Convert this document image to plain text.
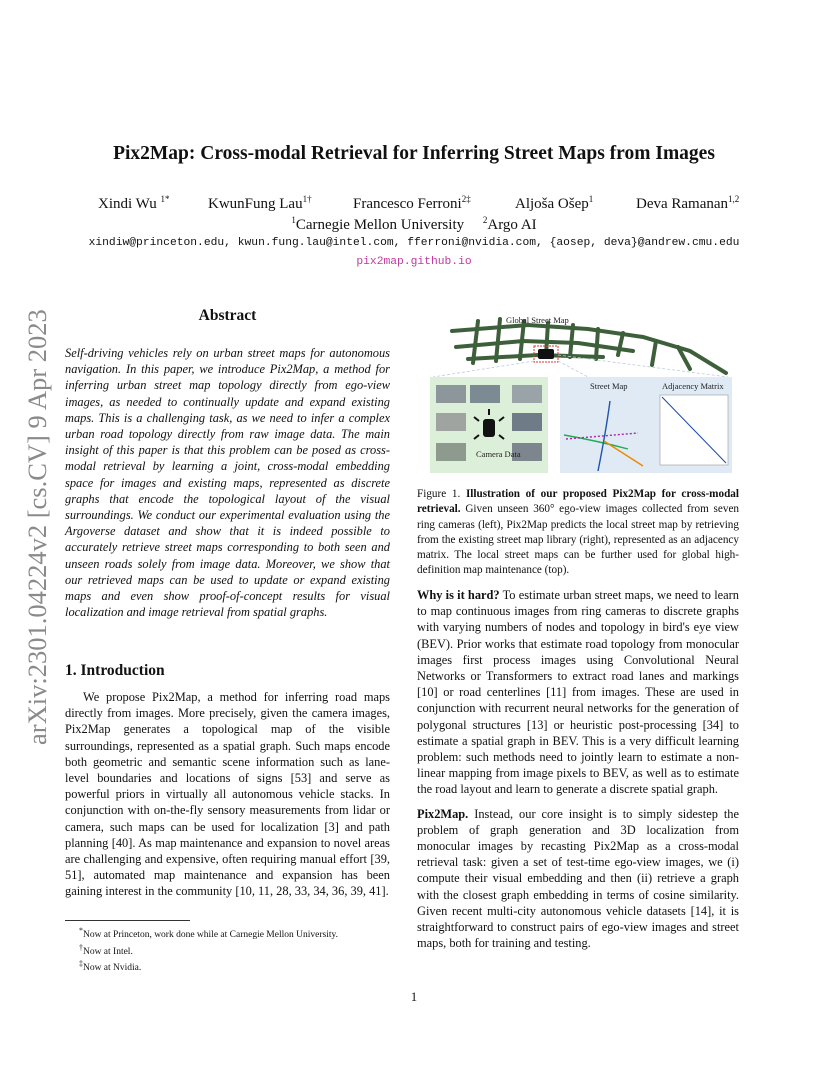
Pix2Map: Cross-modal Retrieval for Inferring Street Maps from Images
Xindi Wu $^{1*}$	KwunFung Lau$^{1\dagger}$	Francesco Ferroni$^{2\ddagger}$	Aljoša Ošep$^1$	Deva Ramanan$^{1,2}$
$^1$Carnegie Mellon University $^2$Argo AI
xindiw@princeton.edu, kwun.fung.lau@intel.com, fferroni@nvidia.com, {aosep, deva}@andrew.cmu.edu
pix2map.github.io
arXiv:2301.04224v2 [cs.CV] 9 Apr 2023	Abstract
Self-driving vehicles rely on urban street maps for autonomous navigation. In this paper, we introduce Pix2Map, a method for inferring urban street map topology directly from ego-view images, as needed to continually update and expand existing maps. This is a challenging task, as we need to infer a complex urban road topology directly from raw image data. The main insight of this paper is that this problem can be posed as cross-modal retrieval by learning a joint, cross-modal embedding space for images and existing maps, represented as discrete graphs that encode the topological layout of the visual surroundings. We conduct our experimental evaluation using the Argoverse dataset and show that it is indeed possible to accurately retrieve street maps corresponding to both seen and unseen roads solely from image data. Moreover, we show that our retrieved maps can be used to update or expand existing maps and even show proof-of-concept results for visual localization and image retrieval from spatial graphs.
1. Introduction

We propose Pix2Map, a method for inferring road maps directly from images. More precisely, given the camera images, Pix2Map generates a topological map of the visible surroundings, represented as a spatial graph. Such maps encode both geometric and semantic scene information such as lane-level boundaries and locations of signs [53] and serve as powerful priors in virtually all autonomous vehicle stacks. In conjunction with on-the-fly sensory measurements from lidar or camera, such maps can be used for localization [3] and path planning [40]. As map maintenance and expansion to novel areas are challenging and expensive, often requiring manual effort [39, 51], automated map maintenance and expansion has been gaining interest in the community [10, 11, 28, 33, 34, 36, 39, 41].

*Now at Princeton, work done while at Carnegie Mellon University.
†Now at Intel.
‡Now at Nvidia.
Global Street Map
Camera Data
Street Map	Adjacency Matrix
Figure 1. Illustration of our proposed Pix2Map for cross-modal retrieval. Given unseen 360° ego-view images collected from seven ring cameras (left), Pix2Map predicts the local street map by retrieving from the existing street map library (right), represented as an adjacency matrix. The local street maps can be further used for global high-definition map maintenance (top).

Why is it hard? To estimate urban street maps, we need to learn to map continuous images from ring cameras to discrete graphs with varying numbers of nodes and topology in bird's eye view (BEV). Prior works that estimate road topology from monocular images first process images using Convolutional Neural Networks or Transformers to extract road lanes and markings [10] or road centerlines [11] from images. These are used in conjunction with recurrent neural networks for the generation of polygonal structures [13] or heuristic post-processing [34] to estimate a spatial graph in BEV. This is a very difficult learning problem: such methods need to jointly learn to estimate a non-linear mapping from image pixels to BEV, as well as to estimate the road layout and learn to generate a discrete spatial graph.

Pix2Map. Instead, our core insight is to simply sidestep the problem of graph generation and 3D localization from monocular images by recasting Pix2Map as a cross-modal retrieval task: given a set of test-time ego-view images, we (i) compute their visual embedding and then (ii) retrieve a graph with the closest graph embedding in terms of cosine similarity. Given recent multi-city autonomous vehicle datasets [14], it is straightforward to construct pairs of ego-view images and street maps, both for training and testing.

1
